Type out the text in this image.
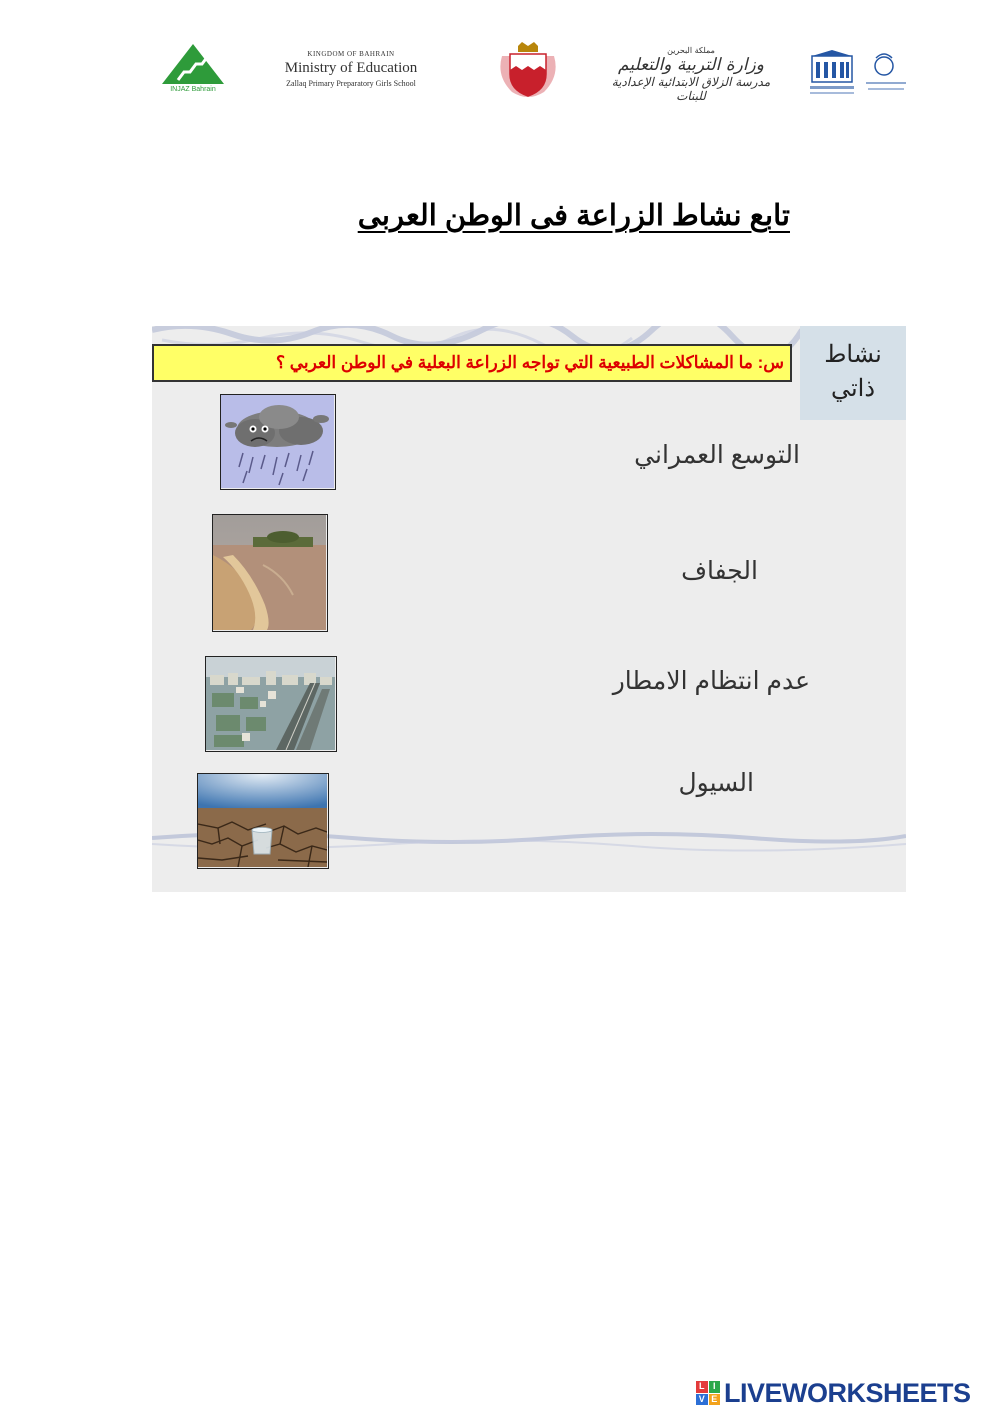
INJAZ Bahrain
KINGDOM OF BAHRAIN
Ministry of Education
Zallaq Primary Preparatory Girls School
مملكة البحرين
وزارة التربية والتعليم
مدرسة الزلاق الابتدائية الإعدادية للبنات
تابع نشاط الزراعة فى الوطن العربى
نشاط
ذاتي
س: ما المشاكلات الطبيعية التي تواجه الزراعة البعلية في الوطن العربي ؟
التوسع العمراني
الجفاف
عدم انتظام الامطار
السيول
L I
V E LIVEWORKSHEETS
